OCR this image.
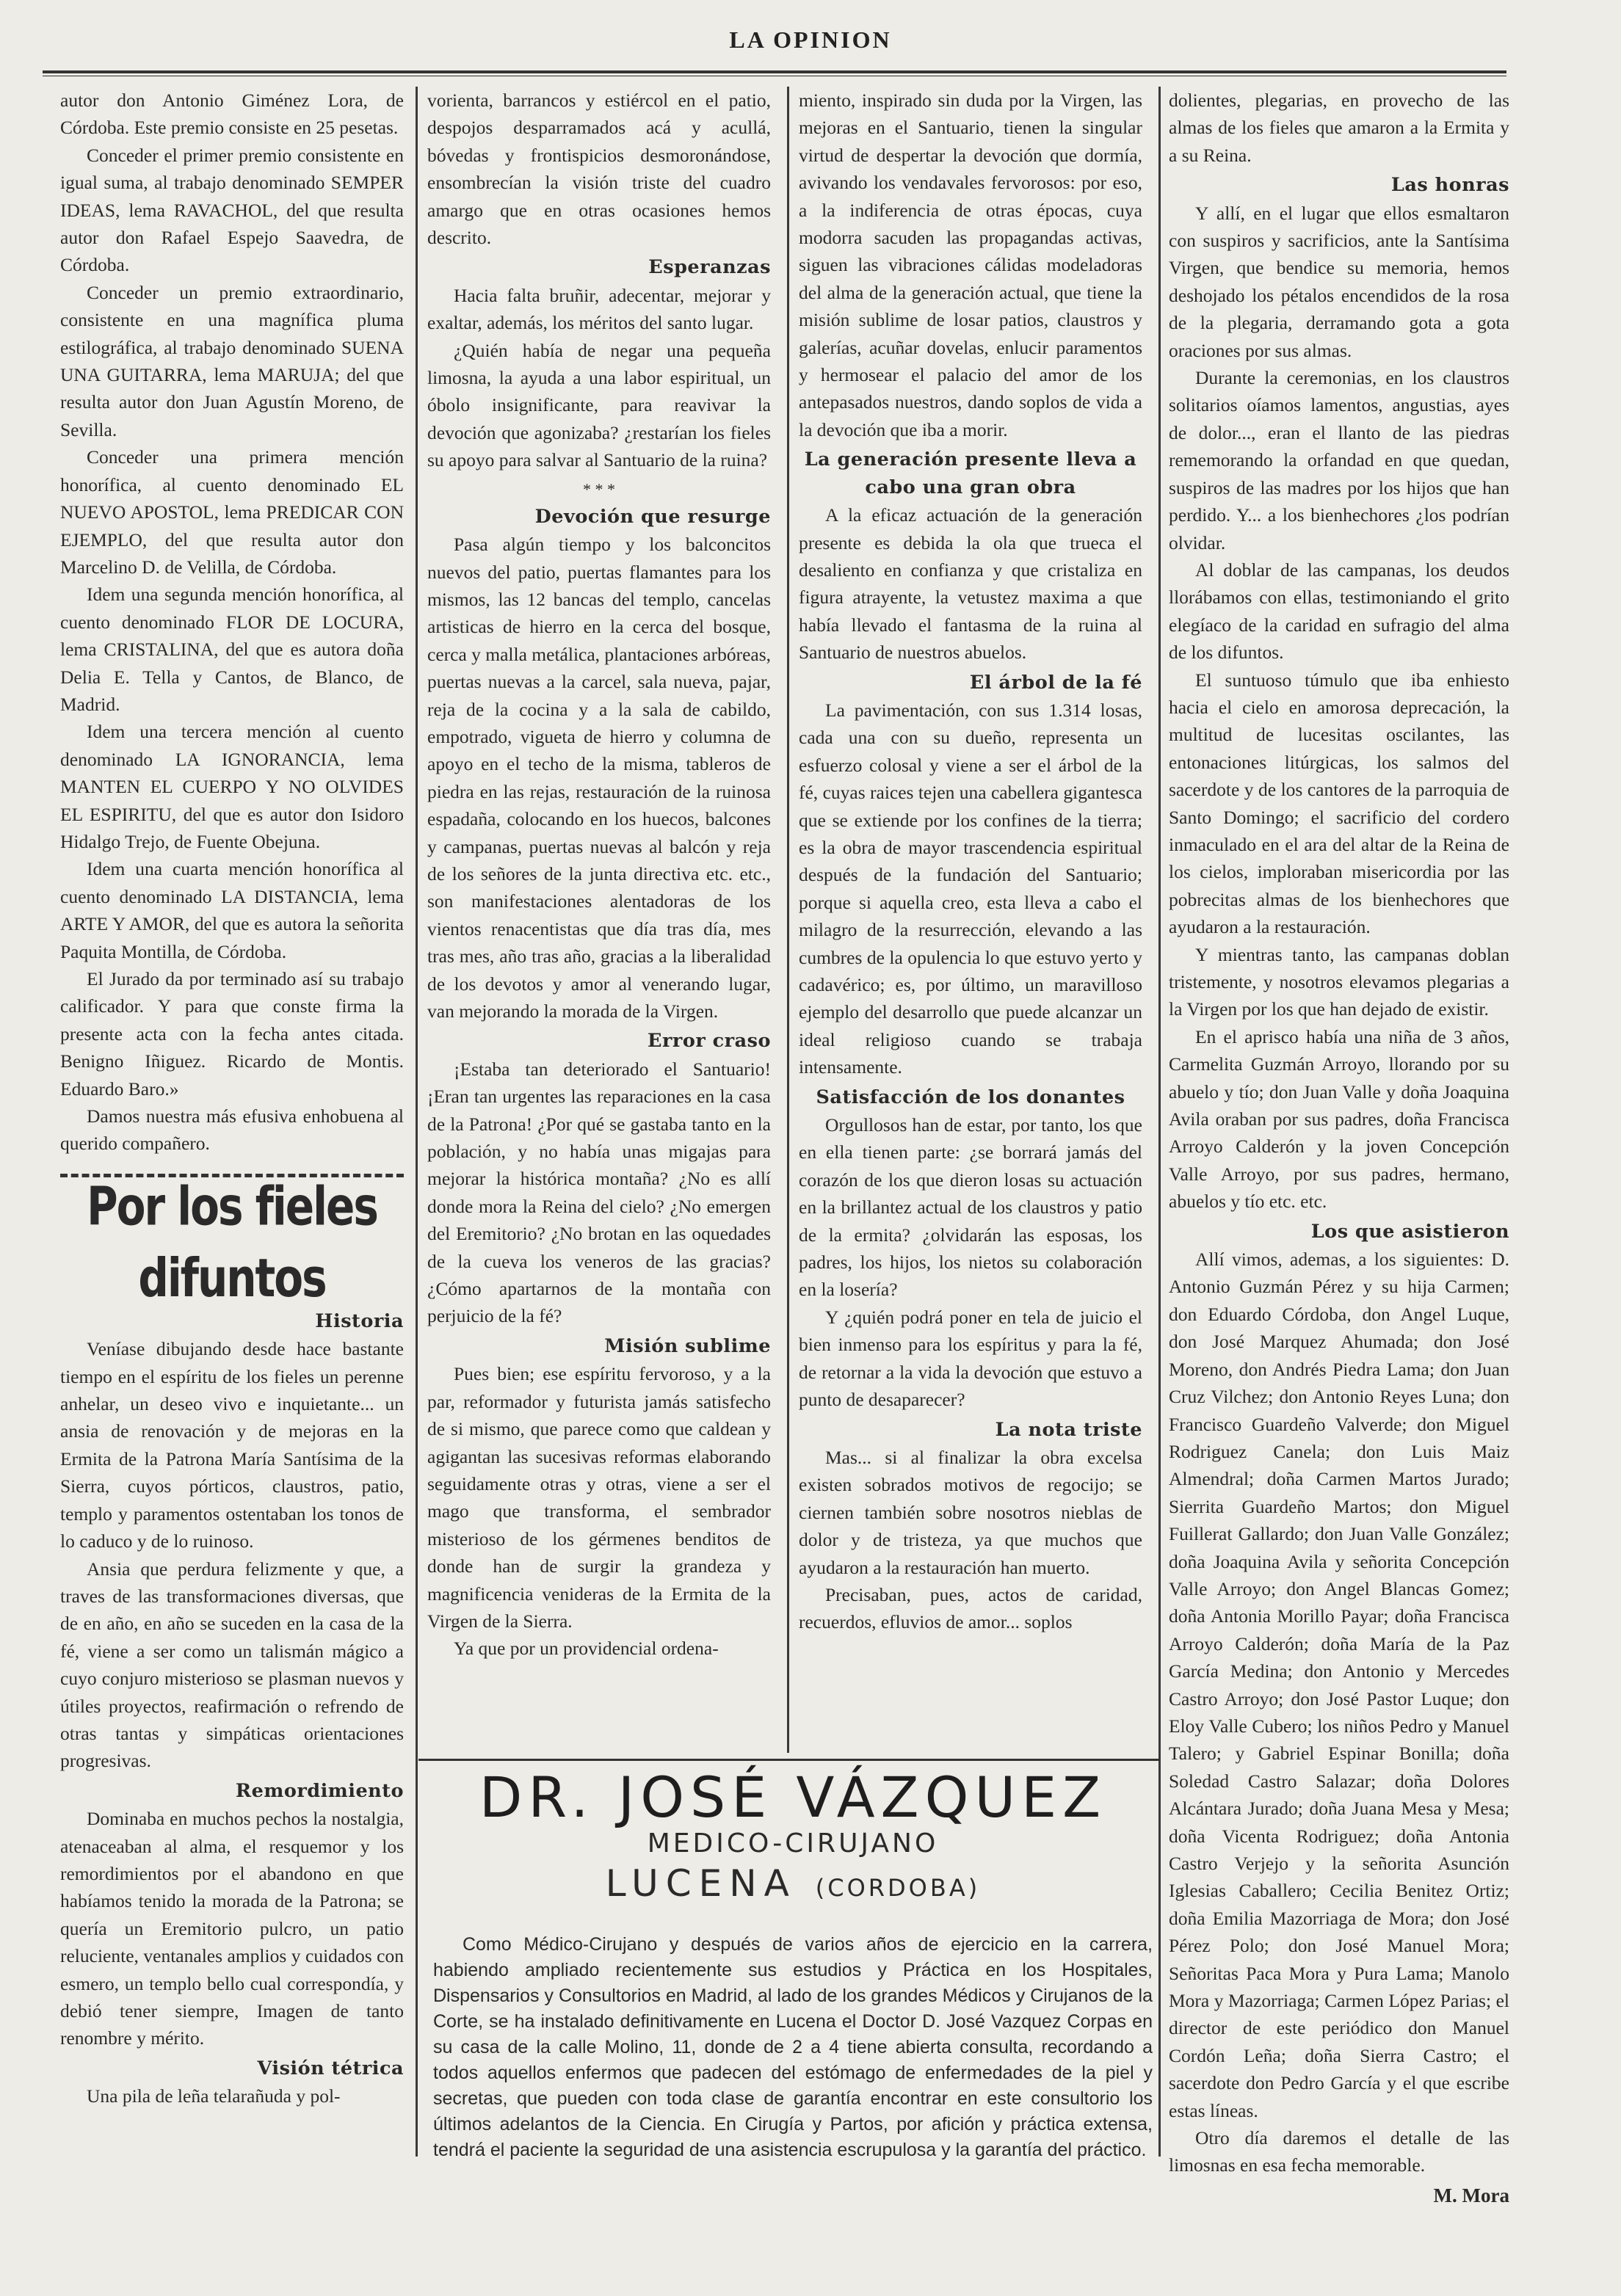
LA OPINION

autor don Antonio Giménez Lora, de Córdoba. Este premio consiste en 25 pesetas.

Conceder el primer premio consistente en igual suma, al trabajo denominado SEMPER IDEAS, lema RAVACHOL, del que resulta autor don Rafael Espejo Saavedra, de Córdoba.

Conceder un premio extraordinario, consistente en una magnífica pluma estilográfica, al trabajo denominado SUENA UNA GUITARRA, lema MARUJA; del que resulta autor don Juan Agustín Moreno, de Sevilla.

Conceder una primera mención honorífica, al cuento denominado EL NUEVO APOSTOL, lema PREDICAR CON EJEMPLO, del que resulta autor don Marcelino D. de Velilla, de Córdoba.

Idem una segunda mención honorífica, al cuento denominado FLOR DE LOCURA, lema CRISTALINA, del que es autora doña Delia E. Tella y Cantos, de Blanco, de Madrid.

Idem una tercera mención al cuento denominado LA IGNORANCIA, lema MANTEN EL CUERPO Y NO OLVIDES EL ESPIRITU, del que es autor don Isidoro Hidalgo Trejo, de Fuente Obejuna.

Idem una cuarta mención honorífica al cuento denominado LA DISTANCIA, lema ARTE Y AMOR, del que es autora la señorita Paquita Montilla, de Córdoba.

El Jurado da por terminado así su trabajo calificador. Y para que conste firma la presente acta con la fecha antes citada. Benigno Iñiguez. Ricardo de Montis. Eduardo Baro.»

Damos nuestra más efusiva enhobuena al querido compañero.

Por los fieles difuntos
Historia

Veníase dibujando desde hace bastante tiempo en el espíritu de los fieles un perenne anhelar, un deseo vivo e inquietante... un ansia de renovación y de mejoras en la Ermita de la Patrona María Santísima de la Sierra, cuyos pórticos, claustros, patio, templo y paramentos ostentaban los tonos de lo caduco y de lo ruinoso.

Ansia que perdura felizmente y que, a traves de las transformaciones diversas, que de en año, en año se suceden en la casa de la fé, viene a ser como un talismán mágico a cuyo conjuro misterioso se plasman nuevos y útiles proyectos, reafirmación o refrendo de otras tantas y simpáticas orientaciones progresivas.

Remordimiento

Dominaba en muchos pechos la nostalgia, atenaceaban al alma, el resquemor y los remordimientos por el abandono en que habíamos tenido la morada de la Patrona; se quería un Eremitorio pulcro, un patio reluciente, ventanales amplios y cuidados con esmero, un templo bello cual correspondía, y debió tener siempre, Imagen de tanto renombre y mérito.

Visión tétrica

Una pila de leña telarañuda y pol-

vorienta, barrancos y estiércol en el patio, despojos desparramados acá y acullá, bóvedas y frontispicios desmoronándose, ensombrecían la visión triste del cuadro amargo que en otras ocasiones hemos descrito.

Esperanzas

Hacia falta bruñir, adecentar, mejorar y exaltar, además, los méritos del santo lugar.

¿Quién había de negar una pequeña limosna, la ayuda a una labor espiritual, un óbolo insignificante, para reavivar la devoción que agonizaba? ¿restarían los fieles su apoyo para salvar al Santuario de la ruina?

* * *
Devoción que resurge

Pasa algún tiempo y los balconcitos nuevos del patio, puertas flamantes para los mismos, las 12 bancas del templo, cancelas artisticas de hierro en la cerca del bosque, cerca y malla metálica, plantaciones arbóreas, puertas nuevas a la carcel, sala nueva, pajar, reja de la cocina y a la sala de cabildo, empotrado, vigueta de hierro y columna de apoyo en el techo de la misma, tableros de piedra en las rejas, restauración de la ruinosa espadaña, colocando en los huecos, balcones y campanas, puertas nuevas al balcón y reja de los señores de la junta directiva etc. etc., son manifestaciones alentadoras de los vientos renacentistas que día tras día, mes tras mes, año tras año, gracias a la liberalidad de los devotos y amor al venerando lugar, van mejorando la morada de la Virgen.

Error craso

¡Estaba tan deteriorado el Santuario! ¡Eran tan urgentes las reparaciones en la casa de la Patrona! ¿Por qué se gastaba tanto en la población, y no había unas migajas para mejorar la histórica montaña? ¿No es allí donde mora la Reina del cielo? ¿No emergen del Eremitorio? ¿No brotan en las oquedades de la cueva los veneros de las gracias? ¿Cómo apartarnos de la montaña con perjuicio de la fé?

Misión sublime

Pues bien; ese espíritu fervoroso, y a la par, reformador y futurista jamás satisfecho de si mismo, que parece como que caldean y agigantan las sucesivas reformas elaborando seguidamente otras y otras, viene a ser el mago que transforma, el sembrador misterioso de los gérmenes benditos de donde han de surgir la grandeza y magnificencia venideras de la Ermita de la Virgen de la Sierra.

Ya que por un providencial ordena-

miento, inspirado sin duda por la Virgen, las mejoras en el Santuario, tienen la singular virtud de despertar la devoción que dormía, avivando los vendavales fervorosos: por eso, a la indiferencia de otras épocas, cuya modorra sacuden las propagandas activas, siguen las vibraciones cálidas modeladoras del alma de la generación actual, que tiene la misión sublime de losar patios, claustros y galerías, acuñar dovelas, enlucir paramentos y hermosear el palacio del amor de los antepasados nuestros, dando soplos de vida a la devoción que iba a morir.

La generación presente lleva a cabo una gran obra

A la eficaz actuación de la generación presente es debida la ola que trueca el desaliento en confianza y que cristaliza en figura atrayente, la vetustez maxima a que había llevado el fantasma de la ruina al Santuario de nuestros abuelos.

El árbol de la fé

La pavimentación, con sus 1.314 losas, cada una con su dueño, representa un esfuerzo colosal y viene a ser el árbol de la fé, cuyas raices tejen una cabellera gigantesca que se extiende por los confines de la tierra; es la obra de mayor trascendencia espiritual después de la fundación del Santuario; porque si aquella creo, esta lleva a cabo el milagro de la resurrección, elevando a las cumbres de la opulencia lo que estuvo yerto y cadavérico; es, por último, un maravilloso ejemplo del desarrollo que puede alcanzar un ideal religioso cuando se trabaja intensamente.

Satisfacción de los donantes

Orgullosos han de estar, por tanto, los que en ella tienen parte: ¿se borrará jamás del corazón de los que dieron losas su actuación en la brillantez actual de los claustros y patio de la ermita? ¿olvidarán las esposas, los padres, los hijos, los nietos su colaboración en la losería?

Y ¿quién podrá poner en tela de juicio el bien inmenso para los espíritus y para la fé, de retornar a la vida la devoción que estuvo a punto de desaparecer?

La nota triste

Mas... si al finalizar la obra excelsa existen sobrados motivos de regocijo; se ciernen también sobre nosotros nieblas de dolor y de tristeza, ya que muchos que ayudaron a la restauración han muerto.

Precisaban, pues, actos de caridad, recuerdos, efluvios de amor... soplos

dolientes, plegarias, en provecho de las almas de los fieles que amaron a la Ermita y a su Reina.

Las honras

Y allí, en el lugar que ellos esmaltaron con suspiros y sacrificios, ante la Santísima Virgen, que bendice su memoria, hemos deshojado los pétalos encendidos de la rosa de la plegaria, derramando gota a gota oraciones por sus almas.

Durante la ceremonias, en los claustros solitarios oíamos lamentos, angustias, ayes de dolor..., eran el llanto de las piedras rememorando la orfandad en que quedan, suspiros de las madres por los hijos que han perdido. Y... a los bienhechores ¿los podrían olvidar.

Al doblar de las campanas, los deudos llorábamos con ellas, testimoniando el grito elegíaco de la caridad en sufragio del alma de los difuntos.

El suntuoso túmulo que iba enhiesto hacia el cielo en amorosa deprecación, la multitud de lucesitas oscilantes, las entonaciones litúrgicas, los salmos del sacerdote y de los cantores de la parroquia de Santo Domingo; el sacrificio del cordero inmaculado en el ara del altar de la Reina de los cielos, imploraban misericordia por las pobrecitas almas de los bienhechores que ayudaron a la restauración.

Y mientras tanto, las campanas doblan tristemente, y nosotros elevamos plegarias a la Virgen por los que han dejado de existir.

En el aprisco había una niña de 3 años, Carmelita Guzmán Arroyo, llorando por su abuelo y tío; don Juan Valle y doña Joaquina Avila oraban por sus padres, doña Francisca Arroyo Calderón y la joven Concepción Valle Arroyo, por sus padres, hermano, abuelos y tío etc. etc.

Los que asistieron

Allí vimos, ademas, a los siguientes: D. Antonio Guzmán Pérez y su hija Carmen; don Eduardo Córdoba, don Angel Luque, don José Marquez Ahumada; don José Moreno, don Andrés Piedra Lama; don Juan Cruz Vilchez; don Antonio Reyes Luna; don Francisco Guardeño Valverde; don Miguel Rodriguez Canela; don Luis Maiz Almendral; doña Carmen Martos Jurado; Sierrita Guardeño Martos; don Miguel Fuillerat Gallardo; don Juan Valle González; doña Joaquina Avila y señorita Concepción Valle Arroyo; don Angel Blancas Gomez; doña Antonia Morillo Payar; doña Francisca Arroyo Calderón; doña María de la Paz García Medina; don Antonio y Mercedes Castro Arroyo; don José Pastor Luque; don Eloy Valle Cubero; los niños Pedro y Manuel Talero; y Gabriel Espinar Bonilla; doña Soledad Castro Salazar; doña Dolores Alcántara Jurado; doña Juana Mesa y Mesa; doña Vicenta Rodriguez; doña Antonia Castro Verjejo y la señorita Asunción Iglesias Caballero; Cecilia Benitez Ortiz; doña Emilia Mazorriaga de Mora; don José Pérez Polo; don José Manuel Mora; Señoritas Paca Mora y Pura Lama; Manolo Mora y Mazorriaga; Carmen López Parias; el director de este periódico don Manuel Cordón Leña; doña Sierra Castro; el sacerdote don Pedro García y el que escribe estas líneas.

Otro día daremos el detalle de las limosnas en esa fecha memorable.

M. Mora
DR. JOSÉ VÁZQUEZ
MEDICO-CIRUJANO
LUCENA (CORDOBA)
Como Médico-Cirujano y después de varios años de ejercicio en la carrera, habiendo ampliado recientemente sus estudios y Práctica en los Hospitales, Dispensarios y Consultorios en Madrid, al lado de los grandes Médicos y Cirujanos de la Corte, se ha instalado definitivamente en Lucena el Doctor D. José Vazquez Corpas en su casa de la calle Molino, 11, donde de 2 a 4 tiene abierta consulta, recordando a todos aquellos enfermos que padecen del estómago de enfermedades de la piel y secretas, que pueden con toda clase de garantía encontrar en este consultorio los últimos adelantos de la Ciencia. En Cirugía y Partos, por afición y práctica extensa, tendrá el paciente la seguridad de una asistencia escrupulosa y la garantía del práctico.
